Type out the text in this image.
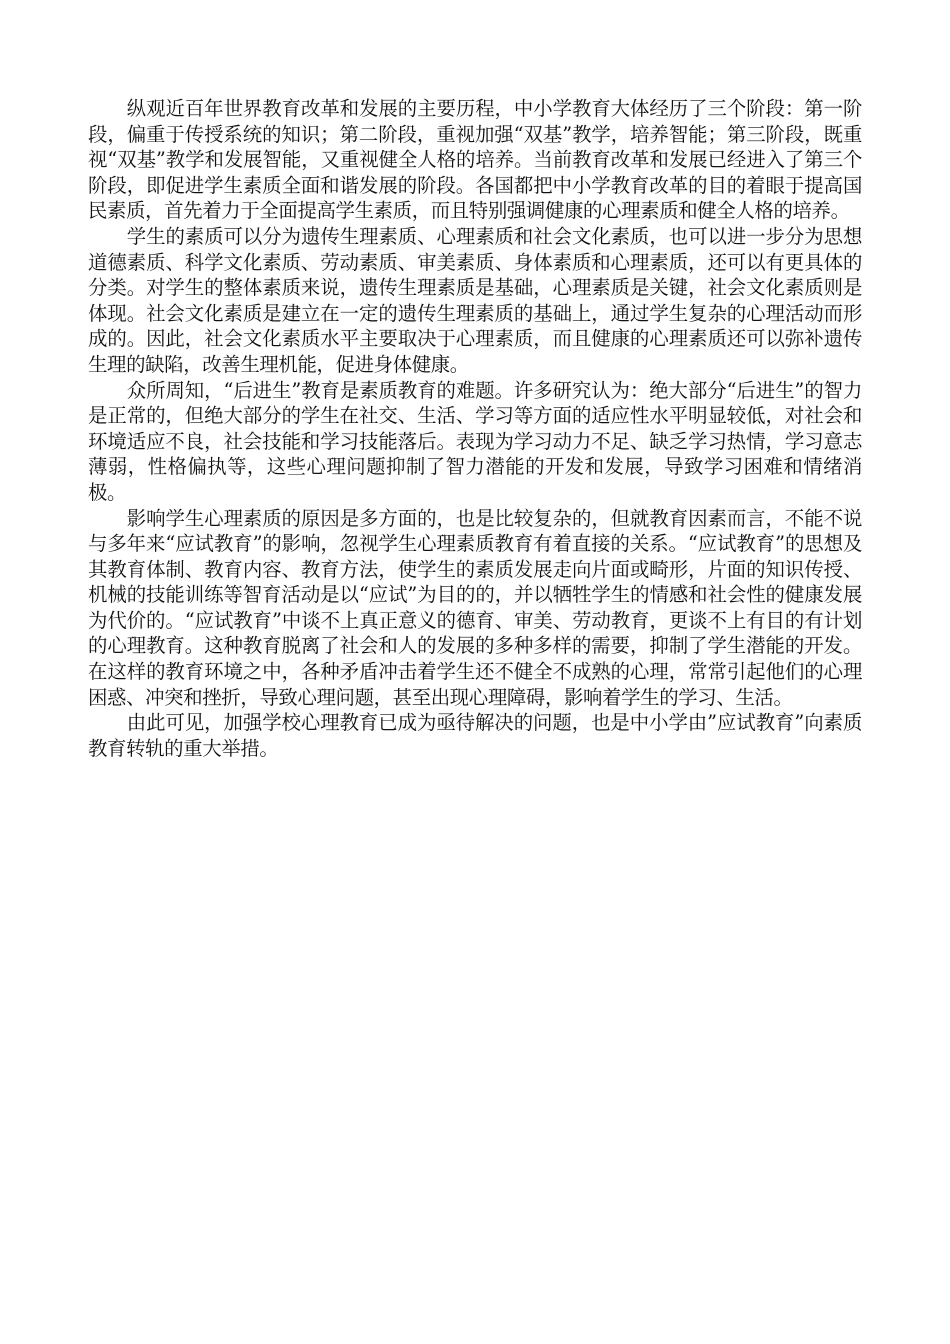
纵观近百年世界教育改革和发展的主要历程，中小学教育大体经历了三个阶段：第一阶段，偏重于传授系统的知识；第二阶段，重视加强“双基”教学，培养智能；第三阶段，既重视“双基”教学和发展智能，又重视健全人格的培养。当前教育改革和发展已经进入了第三个阶段，即促进学生素质全面和谐发展的阶段。各国都把中小学教育改革的目的着眼于提高国民素质，首先着力于全面提高学生素质，而且特别强调健康的心理素质和健全人格的培养。

学生的素质可以分为遗传生理素质、心理素质和社会文化素质，也可以进一步分为思想道德素质、科学文化素质、劳动素质、审美素质、身体素质和心理素质，还可以有更具体的分类。对学生的整体素质来说，遗传生理素质是基础，心理素质是关键，社会文化素质则是体现。社会文化素质是建立在一定的遗传生理素质的基础上，通过学生复杂的心理活动而形成的。因此，社会文化素质水平主要取决于心理素质，而且健康的心理素质还可以弥补遗传生理的缺陷，改善生理机能，促进身体健康。

众所周知，“后进生”教育是素质教育的难题。许多研究认为：绝大部分“后进生”的智力是正常的，但绝大部分的学生在社交、生活、学习等方面的适应性水平明显较低，对社会和环境适应不良，社会技能和学习技能落后。表现为学习动力不足、缺乏学习热情，学习意志薄弱，性格偏执等，这些心理问题抑制了智力潜能的开发和发展，导致学习困难和情绪消极。

影响学生心理素质的原因是多方面的，也是比较复杂的，但就教育因素而言，不能不说与多年来“应试教育”的影响，忽视学生心理素质教育有着直接的关系。“应试教育”的思想及其教育体制、教育内容、教育方法，使学生的素质发展走向片面或畸形，片面的知识传授、机械的技能训练等智育活动是以“应试”为目的的，并以牺牲学生的情感和社会性的健康发展为代价的。“应试教育”中谈不上真正意义的德育、审美、劳动教育，更谈不上有目的有计划的心理教育。这种教育脱离了社会和人的发展的多种多样的需要，抑制了学生潜能的开发。在这样的教育环境之中，各种矛盾冲击着学生还不健全不成熟的心理，常常引起他们的心理困惑、冲突和挫折，导致心理问题，甚至出现心理障碍，影响着学生的学习、生活。

由此可见，加强学校心理教育已成为亟待解决的问题，也是中小学由”应试教育”向素质教育转轨的重大举措。
